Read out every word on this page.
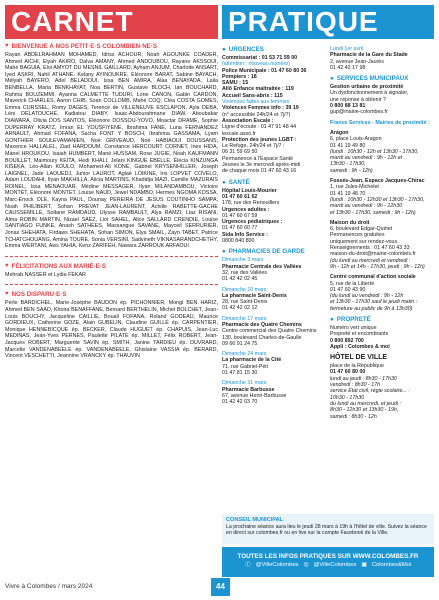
CARNET	PRATIQUE
♥ BIENVENUE À NOS PETIT·E·S COLOMBIEN·NE·S
Rayan ABDELRAHMAN MOHAMED, Idriss ACHOUR, Noah AGOUNKE COADER, Ahmed AICHI, Elyah AKIRO, Dalva AMANY, Ahmed ANDOUBOU, Rayane AKSSOUI, Mahé BAGUIA, Eloi AMYOT DU MESNIL GAILLARD, Ayham ANJUM, Charlotte ANSART, Iyed ASKRI, Nahil ATHANE, Kelany AYINOUKRE, Eléonore BARAT, Sabine BAYACH, Mélyah BAYERO, Adel BELADOUI, Issa BEN AMIRA, Alaa BENAYADA, Laila BENBELLA, Maria BENKHAYAT, Noa BERTIN, Gustave BLOCH, Ian BOUCHARD, Rahma BOUZEMMI, Ayanna CALMETTE TUDURI, Lone CANON, Gabin CARDON, Maverick CHARLES, Aaron CHIB, Soan COLLOMB, Mahé COQ, Cléa COSTA GOMES, Emma CURSSEL, Romy DAGES, Terence de VILLENEUVE ESCLAPON, Ayla DEBA, Léni DELATOUCHE, Kadiatou DIABY, Isaac-Abdourahmane DIAW, Aboubakar DIAWARA, Olivia DOS SANTOS, Eléonore DOSSOU-YOVO, Moactar DRAME, Sophie DUPERRAY KRATZ, Imran EL YOUSFIYENE, Ibrahima FANE, Luna FERNANDEZ ARNAULT, Ahmad FOFANA, Sacha FONT Y BOSCH, Ibrahima GASSAMA, Lyam GONTHIER SOULEVAMANIEN, Noé GRIVEAUD, Noé HABIAOUI DOUSSANS, Maxence HALLALEL, Ziad HARDOUM, Constance HERCOURT CORNET, Ines HIDA, Manel HROUKOU, Isaiah HUMBERT, Mané HUSSAM, Rose JUGIE, Noah KAUFMANN BOUILLET, Maimoury KEITA, Hedi KHALI, Jelani KINGUE EBELLE, Élécia KINZUNGA KISEKA, Léo-Allan KOULO, Mohamed-Ali KONE, Gabriel KRYSENHILLER, Joseph LAIGNEL, Jade LAOUEDJ, Junior LAUROT, Aglaé LOIKINE, Iris LOPVET COVELO, Adam LOUDAHI, Ilyan MAKHILLA, Alicia MARTINS, Khadidja MAZI, Camille MAZURAIS ROINEL, Issa MENAOUAR, Médine MESSAGER, Ilyan MILANDAMBOU, Victoire MONTET, Eléonore MONTET, Louise NAUD, Jewel NDAMBO, Hermes NGOMA KOSSA, Marc-Enock OLE, Kayna PAUL, Dounay PEREIRA DE JESUS COUTINHO SAMPA, Noah PHILIBERT, Sohan PREVAT JEAN-LAURENT, Achille RABETTE-GACHE CAUSSEMILLE, Soltane RAMDAUD, Ulysse RAMBAULT, Alya RAMZI, Liaz RISANI, Alma ROBIN MARTIN, Nizael SAEZ, Lior SAHEL, Alice SALLARD CRENDIE, Louise SANTIAGO FUNKE, Anash SATHEES, Massangue SAVANE, Mayceil SERRURIER, Jonas SHEHATA, Firdaws SHEHATA, Sohan SIMON, Elya SMAIL, Zayn TABET, Patrice TCHATCHOUANG, Amina TOURE, Sonia VERSINI, Sadvineth VIKNASARANDCHETHY, Emma WERTANI, Aws YAHIA, Kenz ZARIFEH, Nawara ZARROUK ARFAOUI
♥ FÉLICITATIONS AUX MARIÉ·E·S
Mehrab NASSER et Lydia FEKAR
♥ NOS DISPARU·E·S
Perle BARDICHEL, Marie-Joséphe BAUDON ép. PICHONNIER, Mongi BEN HARIZ, Ahmed BEN SAAD, Khoira BENAFFANE, Bernard BERTHELIN, Michel BOLCHET, Jean-Louis BOUCHY, Jacqueline CAILLIE, Bouali FOFANA, Roland GODEAU, Maurice GORDIEUX, Catherine GOZE, Alain GUBELIN, Claudine GUILLÉ ép. CARPENTIER, Monique HENNEBICQUE ép. BECKER, Claude HUGUET ép. CHAPUIS, Jean-Luc MEDINAS, Jean-Yves PERNES, Paulette PILATE ép. MILLET, Félix ROBERT, Jean-Jacques ROBERT, Marguerite SAVIN ép. SMITH, Janine TARDIEU ép. DUVRARD, Marcelle VANDENABEELE ép. VANDENABEELE, Ghislaine VASSIA ép. BERARD, Vincent VESCHETTI, Jeannine VRANCKY ép. THAUVIN
● URGENCES
Commissariat : 01 53 71 59 00
(attention : nouveau numéro)
Police Municipale : 01 47 60 80 36
Pompiers : 18
SAMU : 15
Allô Enfance maltraitée : 119
Accueil Sans-abris : 115
Violences faites aux femmes
Violences Femmes info : 39 19
(n° accessible 24h/24 et 7j/7)
Association Escale :
Ligne d'écoute : 01 47 91 48 44
lescale.asso.fr
Protection des jeunes LGBT :
Le Refuge, 24h/24 et 7j/7 :
06 31 59 69 50
Permanence à l'Espace Santé
Jeunes le 3e mercredi après-midi
de chaque mois 01 47 60 43 16
● SANTÉ
Hôpital Louis-Mourier
01 47 60 61 62
178, rue des Renouillers
Urgences adultes :
01 47 60 67 59
Urgences pédiatriques :
01 47 60 60 77
Sida Info Service :
0800 840 800
● PHARMACIES DE GARDE
Dimanche 3 mars
Pharmacie Centrale des Vallées
32, rue des Vallées
01 42 42 02 45
Dimanche 10 mars
La pharmacie Saint-Denis
28, rue Saint-Denis
01 42 42 02 12
Dimanche 17 mars
Pharmacie des Quatre Chemins
Centre commercial des Quatre Chemins 130, boulevard Charles-de-Gaulle
09 66 91 24 75
Dimanche 24 mars
La pharmacie de la Cité
71, rue Gabriel-Péri
01 47 81 15 30
Dimanche 31 mars
Pharmacie Barbusse
67, avenue Henri-Barbusse
01 42 42 03 70
Lundi 1er avril
Pharmacie de la Gare du Stade
2, avenue Jean-Jaurès
01 42 42 17 98
● SERVICES MUNICIPAUX
Gestion urbaine de proximité
Un dysfonctionnement à signaler,
une réponse à obtenir ?
0 800 88 13 81
gup@mairie-colombes.fr
France Services - Mairies de proximité :
Aragon
6, place Louis-Aragon
01 41 19 49 80
(lundi : 10h30 - 12h et 13h30 - 17h30,
mardi au vendredi : 9h - 12h et
13h30 - 17h30,
samedi : 9h - 12h)
Fossés-Jean, Espace Jacques-Chirac
1, rue Jules-Michelet
01 41 19 48 70
(lundi : 10h30 - 12h30 et 13h30 - 17h30,
mardi au vendredi : 9h - 12h30
et 13h30 - 17h30, samedi : 9h - 12h)
Maison du droit
6, boulevard Edgar-Quinet
Permanences gratuites
uniquement sur rendez-vous.
Renseignements : 01 47 60 43 33
maison-du-droit@mairie-colombes.fr
(du lundi au mercredi et vendredi :
9h - 12h et 14h - 17h30, jeudi : 9h - 12h)
Centre communal d'action sociale
5, rue de la Liberté
01 47 60 43 90
(du lundi au vendredi : 9h - 12h
et 13h30 - 17h30 sauf le jeudi matin :
fermeture au public de 9h à 13h30)
● PROPRETÉ
Numéro vert unique
Propreté et encombrants
0 800 892 700
Appli : Colombes & moi
HÔTEL DE VILLE
place de la République
01 47 60 80 00
lundi au jeudi : 8h30 - 17h30
vendredi : 8h30 - 17h
service Etat civil, régie scolaire... :
10h30 - 17h30
du lundi au mercredi, et jeudi :
8h30 - 12h30 et 13h30 - 19h,
samedi : 8h30 - 12h
CONSEIL MUNICIPAL
La prochaine séance aura lieu le jeudi 28 mars à 19h à l'hôtel de ville. Suivez la séance en direct sur colombes.fr ou en live sur la compte Facebook de la Ville.
TOUTES LES INFOS PRATIQUES SUR WWW.COLOMBES.FR
ⓕ @VilleColombes ◎ @VilleColombes ▣ Colombes&Moi
Vivre à Colombes / mars 2024	44
